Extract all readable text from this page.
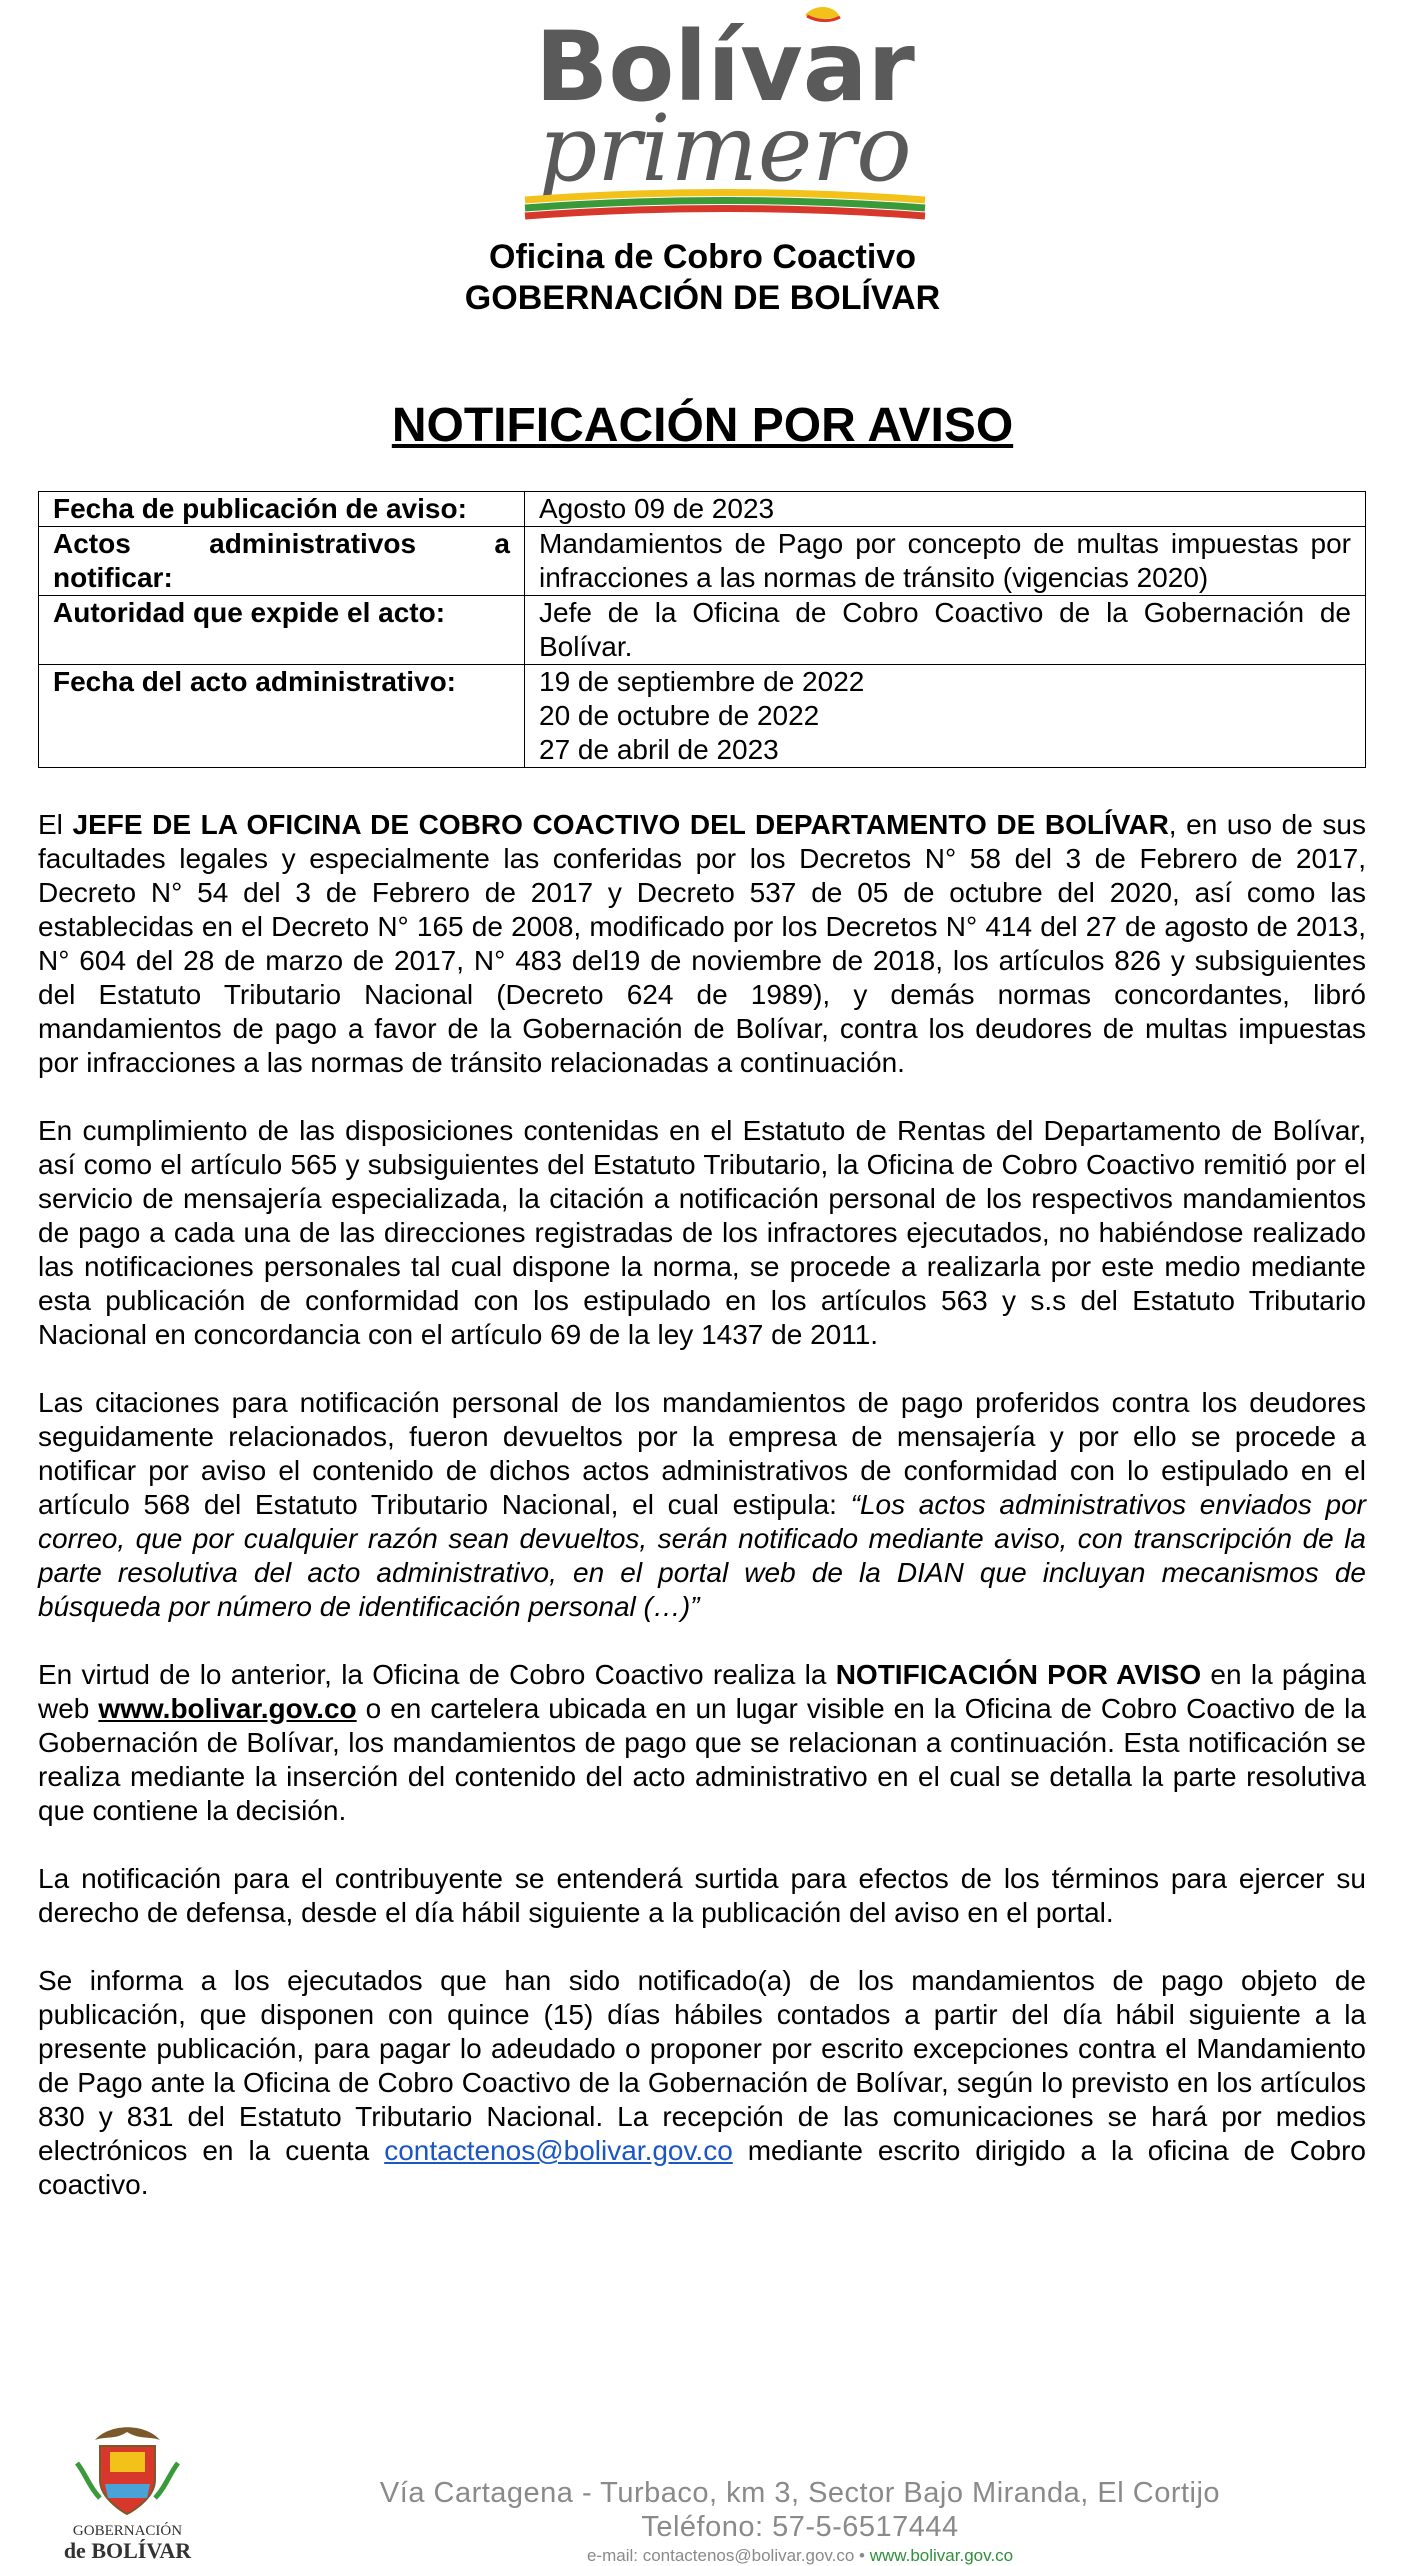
Bolívar
primero
Oficina de Cobro Coactivo
GOBERNACIÓN DE BOLÍVAR
NOTIFICACIÓN POR AVISO
Fecha de publicación de aviso:	Agosto 09 de 2023

Actos administrativos a
notificar:	Mandamientos de Pago por concepto de multas impuestas por infracciones a las normas de tránsito (vigencias 2020)
Autoridad que expide el acto:	Jefe de la Oficina de Cobro Coactivo de la Gobernación de Bolívar.
Fecha del acto administrativo:	19 de septiembre de 2022
20 de octubre de 2022
27 de abril de 2023

El JEFE DE LA OFICINA DE COBRO COACTIVO DEL DEPARTAMENTO DE BOLÍVAR, en uso de sus facultades legales y especialmente las conferidas por los Decretos N° 58 del 3 de Febrero de 2017, Decreto N° 54 del 3 de Febrero de 2017 y Decreto 537 de 05 de octubre del 2020, así como las establecidas en el Decreto N° 165 de 2008, modificado por los Decretos N° 414 del 27 de agosto de 2013, N° 604 del 28 de marzo de 2017, N° 483 del19 de noviembre de 2018, los artículos 826 y subsiguientes del Estatuto Tributario Nacional (Decreto 624 de 1989), y demás normas concordantes, libró mandamientos de pago a favor de la Gobernación de Bolívar, contra los deudores de multas impuestas por infracciones a las normas de tránsito relacionadas a continuación.

En cumplimiento de las disposiciones contenidas en el Estatuto de Rentas del Departamento de Bolívar, así como el artículo 565 y subsiguientes del Estatuto Tributario, la Oficina de Cobro Coactivo remitió por el servicio de mensajería especializada, la citación a notificación personal de los respectivos mandamientos de pago a cada una de las direcciones registradas de los infractores ejecutados, no habiéndose realizado las notificaciones personales tal cual dispone la norma, se procede a realizarla por este medio mediante esta publicación de conformidad con los estipulado en los artículos 563 y s.s del Estatuto Tributario Nacional en concordancia con el artículo 69 de la ley 1437 de 2011.

Las citaciones para notificación personal de los mandamientos de pago proferidos contra los deudores seguidamente relacionados, fueron devueltos por la empresa de mensajería y por ello se procede a notificar por aviso el contenido de dichos actos administrativos de conformidad con lo estipulado en el artículo 568 del Estatuto Tributario Nacional, el cual estipula: “Los actos administrativos enviados por correo, que por cualquier razón sean devueltos, serán notificado mediante aviso, con transcripción de la parte resolutiva del acto administrativo, en el portal web de la DIAN que incluyan mecanismos de búsqueda por número de identificación personal (…)”

En virtud de lo anterior, la Oficina de Cobro Coactivo realiza la NOTIFICACIÓN POR AVISO en la página web www.bolivar.gov.co o en cartelera ubicada en un lugar visible en la Oficina de Cobro Coactivo de la Gobernación de Bolívar, los mandamientos de pago que se relacionan a continuación. Esta notificación se realiza mediante la inserción del contenido del acto administrativo en el cual se detalla la parte resolutiva que contiene la decisión.

La notificación para el contribuyente se entenderá surtida para efectos de los términos para ejercer su derecho de defensa, desde el día hábil siguiente a la publicación del aviso en el portal.

Se informa a los ejecutados que han sido notificado(a) de los mandamientos de pago objeto de publicación, que disponen con quince (15) días hábiles contados a partir del día hábil siguiente a la presente publicación, para pagar lo adeudado o proponer por escrito excepciones contra el Mandamiento de Pago ante la Oficina de Cobro Coactivo de la Gobernación de Bolívar, según lo previsto en los artículos 830 y 831 del Estatuto Tributario Nacional. La recepción de las comunicaciones se hará por medios electrónicos en la cuenta contactenos@bolivar.gov.co mediante escrito dirigido a la oficina de Cobro coactivo.

GOBERNACIÓN
de BOLÍVAR
Vía Cartagena - Turbaco, km 3, Sector Bajo Miranda, El Cortijo
Teléfono: 57-5-6517444
e-mail: contactenos@bolivar.gov.co • www.bolivar.gov.co
